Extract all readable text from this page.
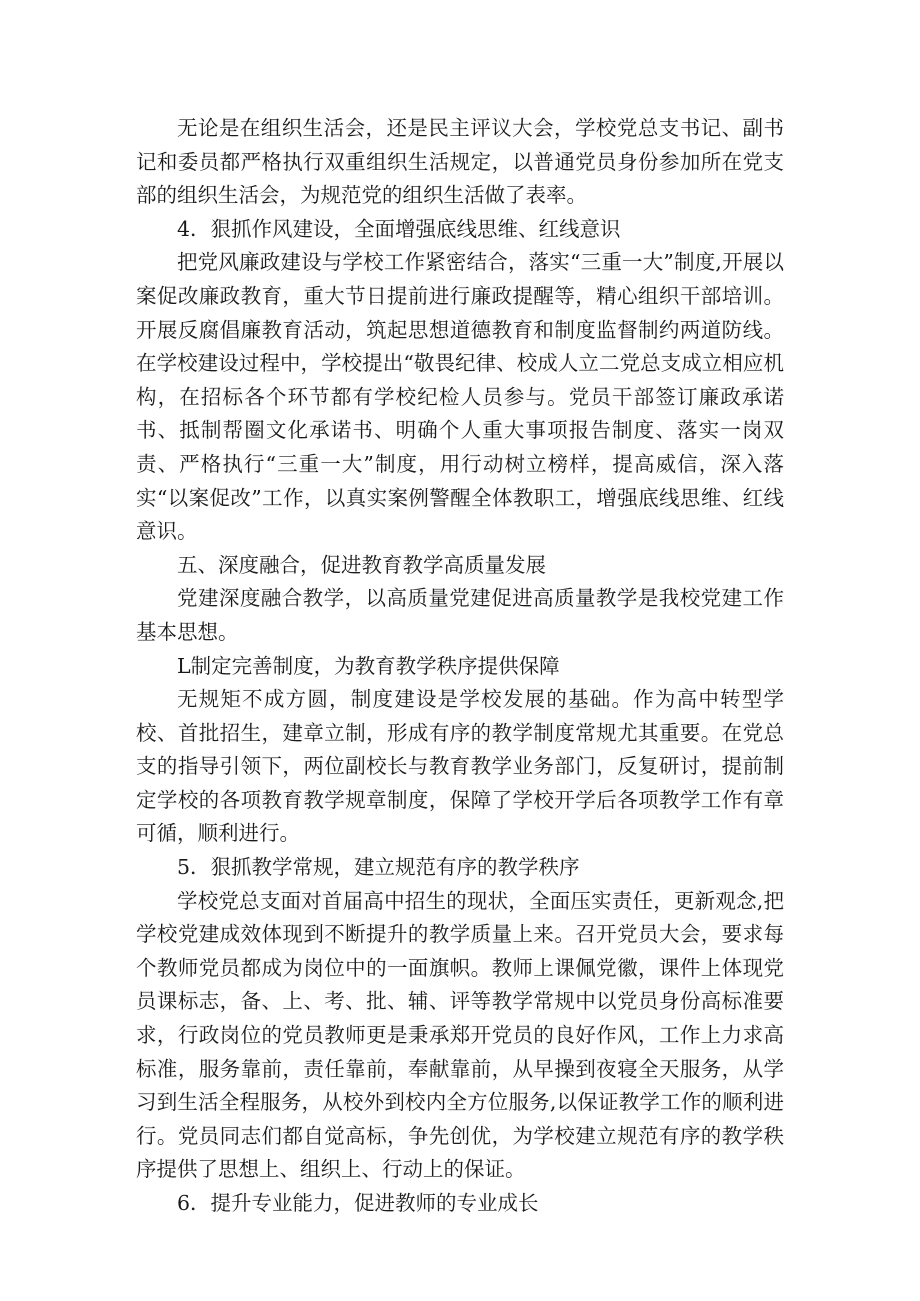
无论是在组织生活会，还是民主评议大会，学校党总支书记、副书记和委员都严格执行双重组织生活规定，以普通党员身份参加所在党支部的组织生活会，为规范党的组织生活做了表率。

4．狠抓作风建设，全面增强底线思维、红线意识

把党风廉政建设与学校工作紧密结合，落实“三重一大”制度,开展以案促改廉政教育，重大节日提前进行廉政提醒等，精心组织干部培训。开展反腐倡廉教育活动，筑起思想道德教育和制度监督制约两道防线。在学校建设过程中，学校提出“敬畏纪律、校成人立二党总支成立相应机构，在招标各个环节都有学校纪检人员参与。党员干部签订廉政承诺书、抵制帮圈文化承诺书、明确个人重大事项报告制度、落实一岗双责、严格执行“三重一大”制度，用行动树立榜样，提高威信，深入落实“以案促改”工作，以真实案例警醒全体教职工，增强底线思维、红线意识。

五、深度融合，促进教育教学高质量发展

党建深度融合教学，以高质量党建促进高质量教学是我校党建工作基本思想。

L制定完善制度，为教育教学秩序提供保障

无规矩不成方圆，制度建设是学校发展的基础。作为高中转型学校、首批招生，建章立制，形成有序的教学制度常规尤其重要。在党总支的指导引领下，两位副校长与教育教学业务部门，反复研讨，提前制定学校的各项教育教学规章制度，保障了学校开学后各项教学工作有章可循，顺利进行。

5．狠抓教学常规，建立规范有序的教学秩序

学校党总支面对首届高中招生的现状，全面压实责任，更新观念,把学校党建成效体现到不断提升的教学质量上来。召开党员大会，要求每个教师党员都成为岗位中的一面旗帜。教师上课佩党徽，课件上体现党员课标志，备、上、考、批、辅、评等教学常规中以党员身份高标准要求，行政岗位的党员教师更是秉承郑开党员的良好作风，工作上力求高标准，服务靠前，责任靠前，奉献靠前，从早操到夜寝全天服务，从学习到生活全程服务，从校外到校内全方位服务,以保证教学工作的顺利进行。党员同志们都自觉高标，争先创优，为学校建立规范有序的教学秩序提供了思想上、组织上、行动上的保证。

6．提升专业能力，促进教师的专业成长
